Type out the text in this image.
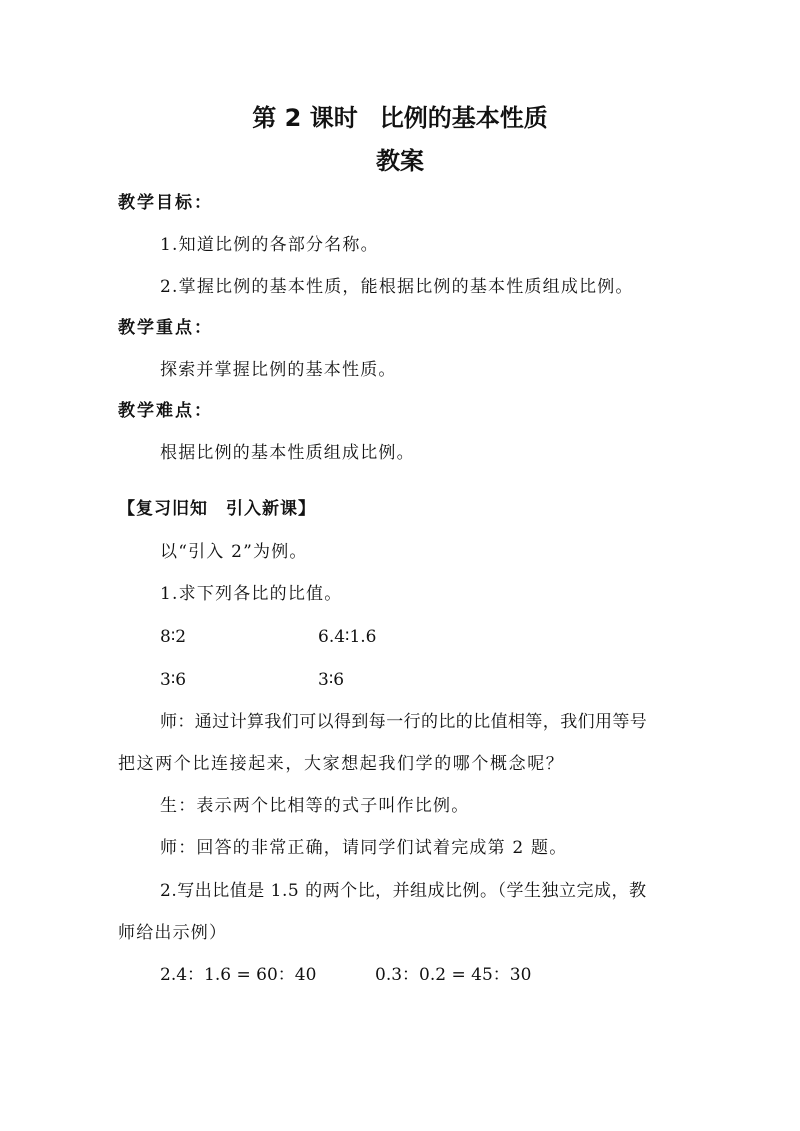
第 2 课时 比例的基本性质
教案
教学目标：
1.知道比例的各部分名称。
2.掌握比例的基本性质，能根据比例的基本性质组成比例。
教学重点：
探索并掌握比例的基本性质。
教学难点：
根据比例的基本性质组成比例。
【复习旧知　引入新课】
以“引入 2”为例。
1.求下列各比的比值。
8∶2	6.4∶1.6
3∶6	3∶6
师：通过计算我们可以得到每一行的比的比值相等，我们用等号
把这两个比连接起来，大家想起我们学的哪个概念呢？
生：表示两个比相等的式子叫作比例。
师：回答的非常正确，请同学们试着完成第 2 题。
2.写出比值是 1.5 的两个比，并组成比例。（学生独立完成，教
师给出示例）
2.4：1.6 = 60：40	0.3：0.2 = 45：30
